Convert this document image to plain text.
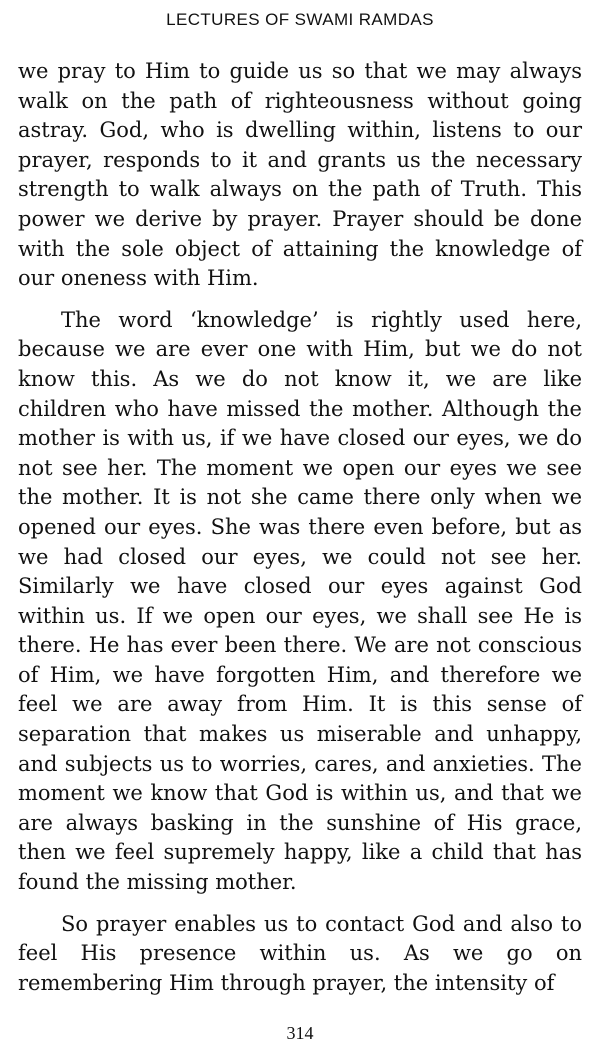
LECTURES OF SWAMI RAMDAS

we pray to Him to guide us so that we may always walk on the path of righteousness without going astray. God, who is dwelling within, listens to our prayer, responds to it and grants us the necessary strength to walk always on the path of Truth. This power we derive by prayer. Prayer should be done with the sole object of attaining the knowledge of our oneness with Him.

The word ‘knowledge’ is rightly used here, because we are ever one with Him, but we do not know this. As we do not know it, we are like children who have missed the mother. Although the mother is with us, if we have closed our eyes, we do not see her. The moment we open our eyes we see the mother. It is not she came there only when we opened our eyes. She was there even before, but as we had closed our eyes, we could not see her. Similarly we have closed our eyes against God within us. If we open our eyes, we shall see He is there. He has ever been there. We are not conscious of Him, we have forgotten Him, and therefore we feel we are away from Him. It is this sense of separation that makes us miserable and unhappy, and subjects us to worries, cares, and anxieties. The moment we know that God is within us, and that we are always basking in the sunshine of His grace, then we feel supremely happy, like a child that has found the missing mother.

So prayer enables us to contact God and also to feel His presence within us. As we go on remembering Him through prayer, the intensity of

314
